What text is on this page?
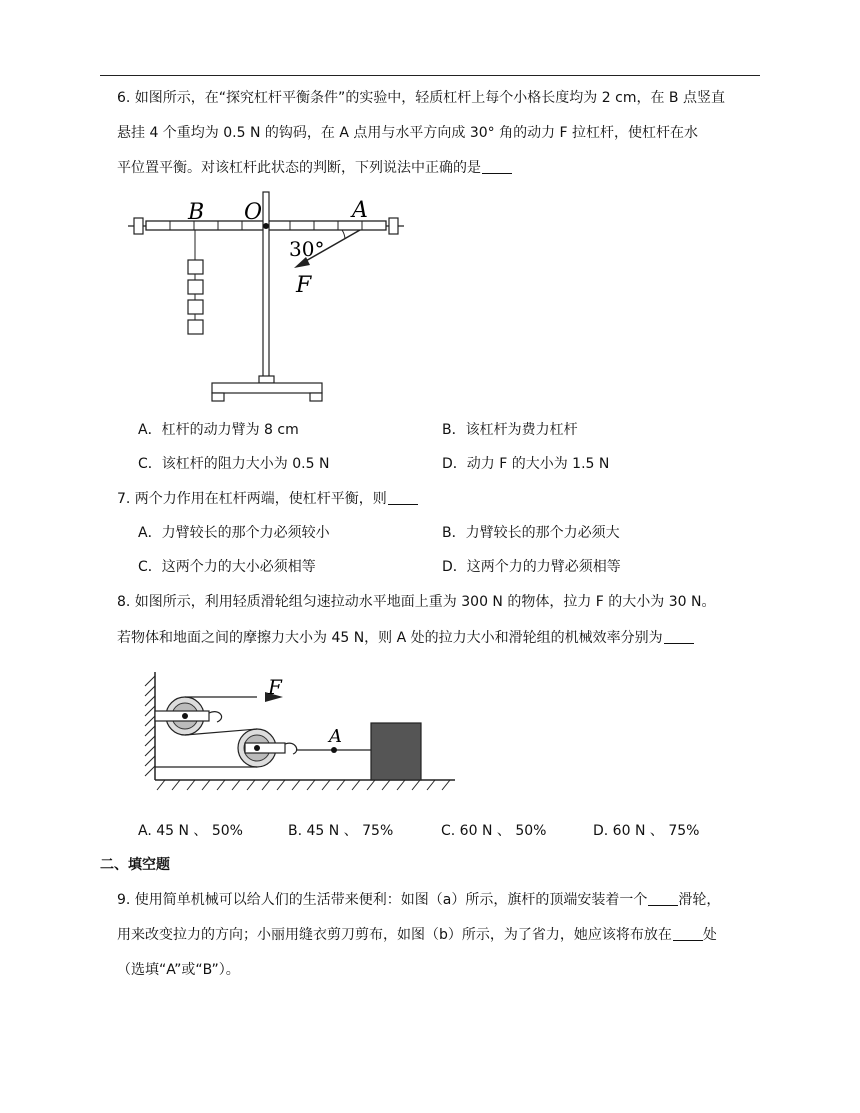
6. 如图所示，在“探究杠杆平衡条件”的实验中，轻质杠杆上每个小格长度均为 2 cm，在 B 点竖直
悬挂 4 个重均为 0.5 N 的钩码，在 A 点用与水平方向成 30° 角的动力 F 拉杠杆，使杠杆在水
平位置平衡。对该杠杆此状态的判断，下列说法中正确的是
B O	A
30°
F
A．杠杆的动力臂为 8 cm	B．该杠杆为费力杠杆
C．该杠杆的阻力大小为 0.5 N	D．动力 F 的大小为 1.5 N
7. 两个力作用在杠杆两端，使杠杆平衡，则
A．力臂较长的那个力必须较小	B．力臂较长的那个力必须大
C．这两个力的大小必须相等	D．这两个力的力臂必须相等
8. 如图所示，利用轻质滑轮组匀速拉动水平地面上重为 300 N 的物体，拉力 F 的大小为 30 N。
若物体和地面之间的摩擦力大小为 45 N，则 A 处的拉力大小和滑轮组的机械效率分别为
F
A
A. 45 N 、 50%	B. 45 N 、 75%	C. 60 N 、 50%	D. 60 N 、 75%
二、填空题
9. 使用简单机械可以给人们的生活带来便利：如图（a）所示，旗杆的顶端安装着一个 滑轮，
用来改变拉力的方向；小丽用缝衣剪刀剪布，如图（b）所示，为了省力，她应该将布放在 处
（选填“A”或“B”）。
